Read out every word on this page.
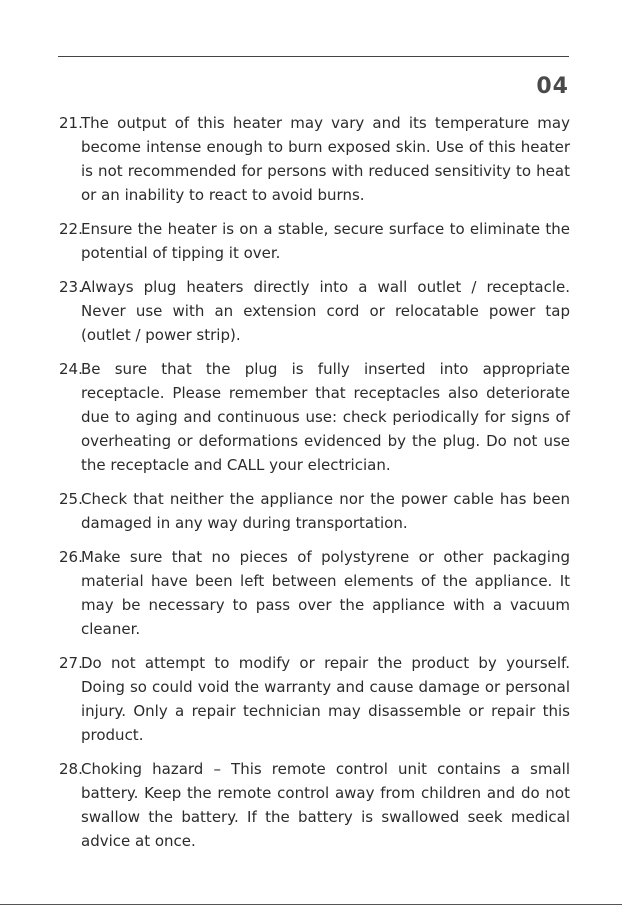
04
21.
The output of this heater may vary and its temperature may become intense enough to burn exposed skin. Use of this heater is not recommended for persons with reduced sensitivity to heat or an inability to react to avoid burns.
22.
Ensure the heater is on a stable, secure surface to eliminate the potential of tipping it over.
23.
Always plug heaters directly into a wall outlet / receptacle. Never use with an extension cord or relocatable power tap (outlet / power strip).
24.
Be sure that the plug is fully inserted into appropriate receptacle. Please remember that receptacles also deteriorate due to aging and continuous use: check periodically for signs of overheating or deformations evidenced by the plug. Do not use the receptacle and CALL your electrician.
25.
Check that neither the appliance nor the power cable has been damaged in any way during transportation.
26.
Make sure that no pieces of polystyrene or other packaging material have been left between elements of the appliance. It may be necessary to pass over the appliance with a vacuum cleaner.
27.
Do not attempt to modify or repair the product by yourself. Doing so could void the warranty and cause damage or personal injury. Only a repair technician may disassemble or repair this product.
28.
Choking hazard – This remote control unit contains a small battery. Keep the remote control away from children and do not swallow the battery. If the battery is swallowed seek medical advice at once.
